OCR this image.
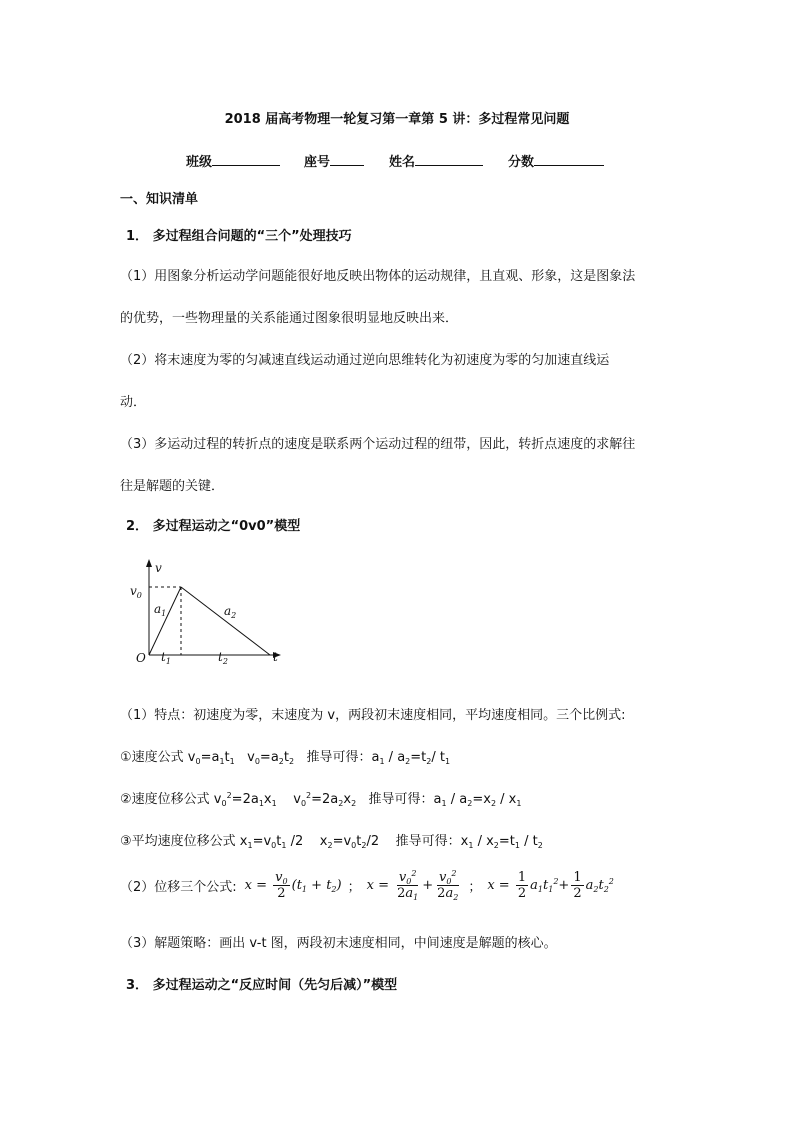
2018 届高考物理一轮复习第一章第 5 讲：多过程常见问题
班级	座号	姓名	分数
一、知识清单
1． 多过程组合问题的“三个”处理技巧
（1）用图象分析运动学问题能很好地反映出物体的运动规律，且直观、形象，这是图象法
的优势，一些物理量的关系能通过图象很明显地反映出来．
（2）将末速度为零的匀减速直线运动通过逆向思维转化为初速度为零的匀加速直线运
动．
（3）多运动过程的转折点的速度是联系两个运动过程的纽带，因此，转折点速度的求解往
往是解题的关键．
2． 多过程运动之“0v0”模型
v
$v_0$
O	t
$t_1$	$t_2$
$a_1$	$a_2$
（1）特点：初速度为零，末速度为 v，两段初末速度相同，平均速度相同。三个比例式:
①速度公式 $v_0=a_1t_1$   $v_0=a_2t_2$   推导可得：$a_1 / a_2=t_2/$ $t_1$
②速度位移公式 $v_0^2=2a_1x_1$    $v_0^2=2a_2x_2$   推导可得：$a_1 / a_2=x_2 / x_1$
③平均速度位移公式 $x_1=v_0t_1$ /2    $x_2=v_0t_2/2$    推导可得：$x_1 / x_2=t_1 / t_2$
（2）位移三个公式: $x = \frac{v_0}{2} (t_1 + t_2)$ ； $x = \frac{v_0^2}{2a_1} + \frac{v_0^2}{2a_2}$ ； $x = \frac{1}{2} a_1t_1^2+ \frac{1}{2} a_2t_2^2$
（3）解题策略：画出 v-t 图，两段初末速度相同，中间速度是解题的核心。
3． 多过程运动之“反应时间（先匀后减）”模型
